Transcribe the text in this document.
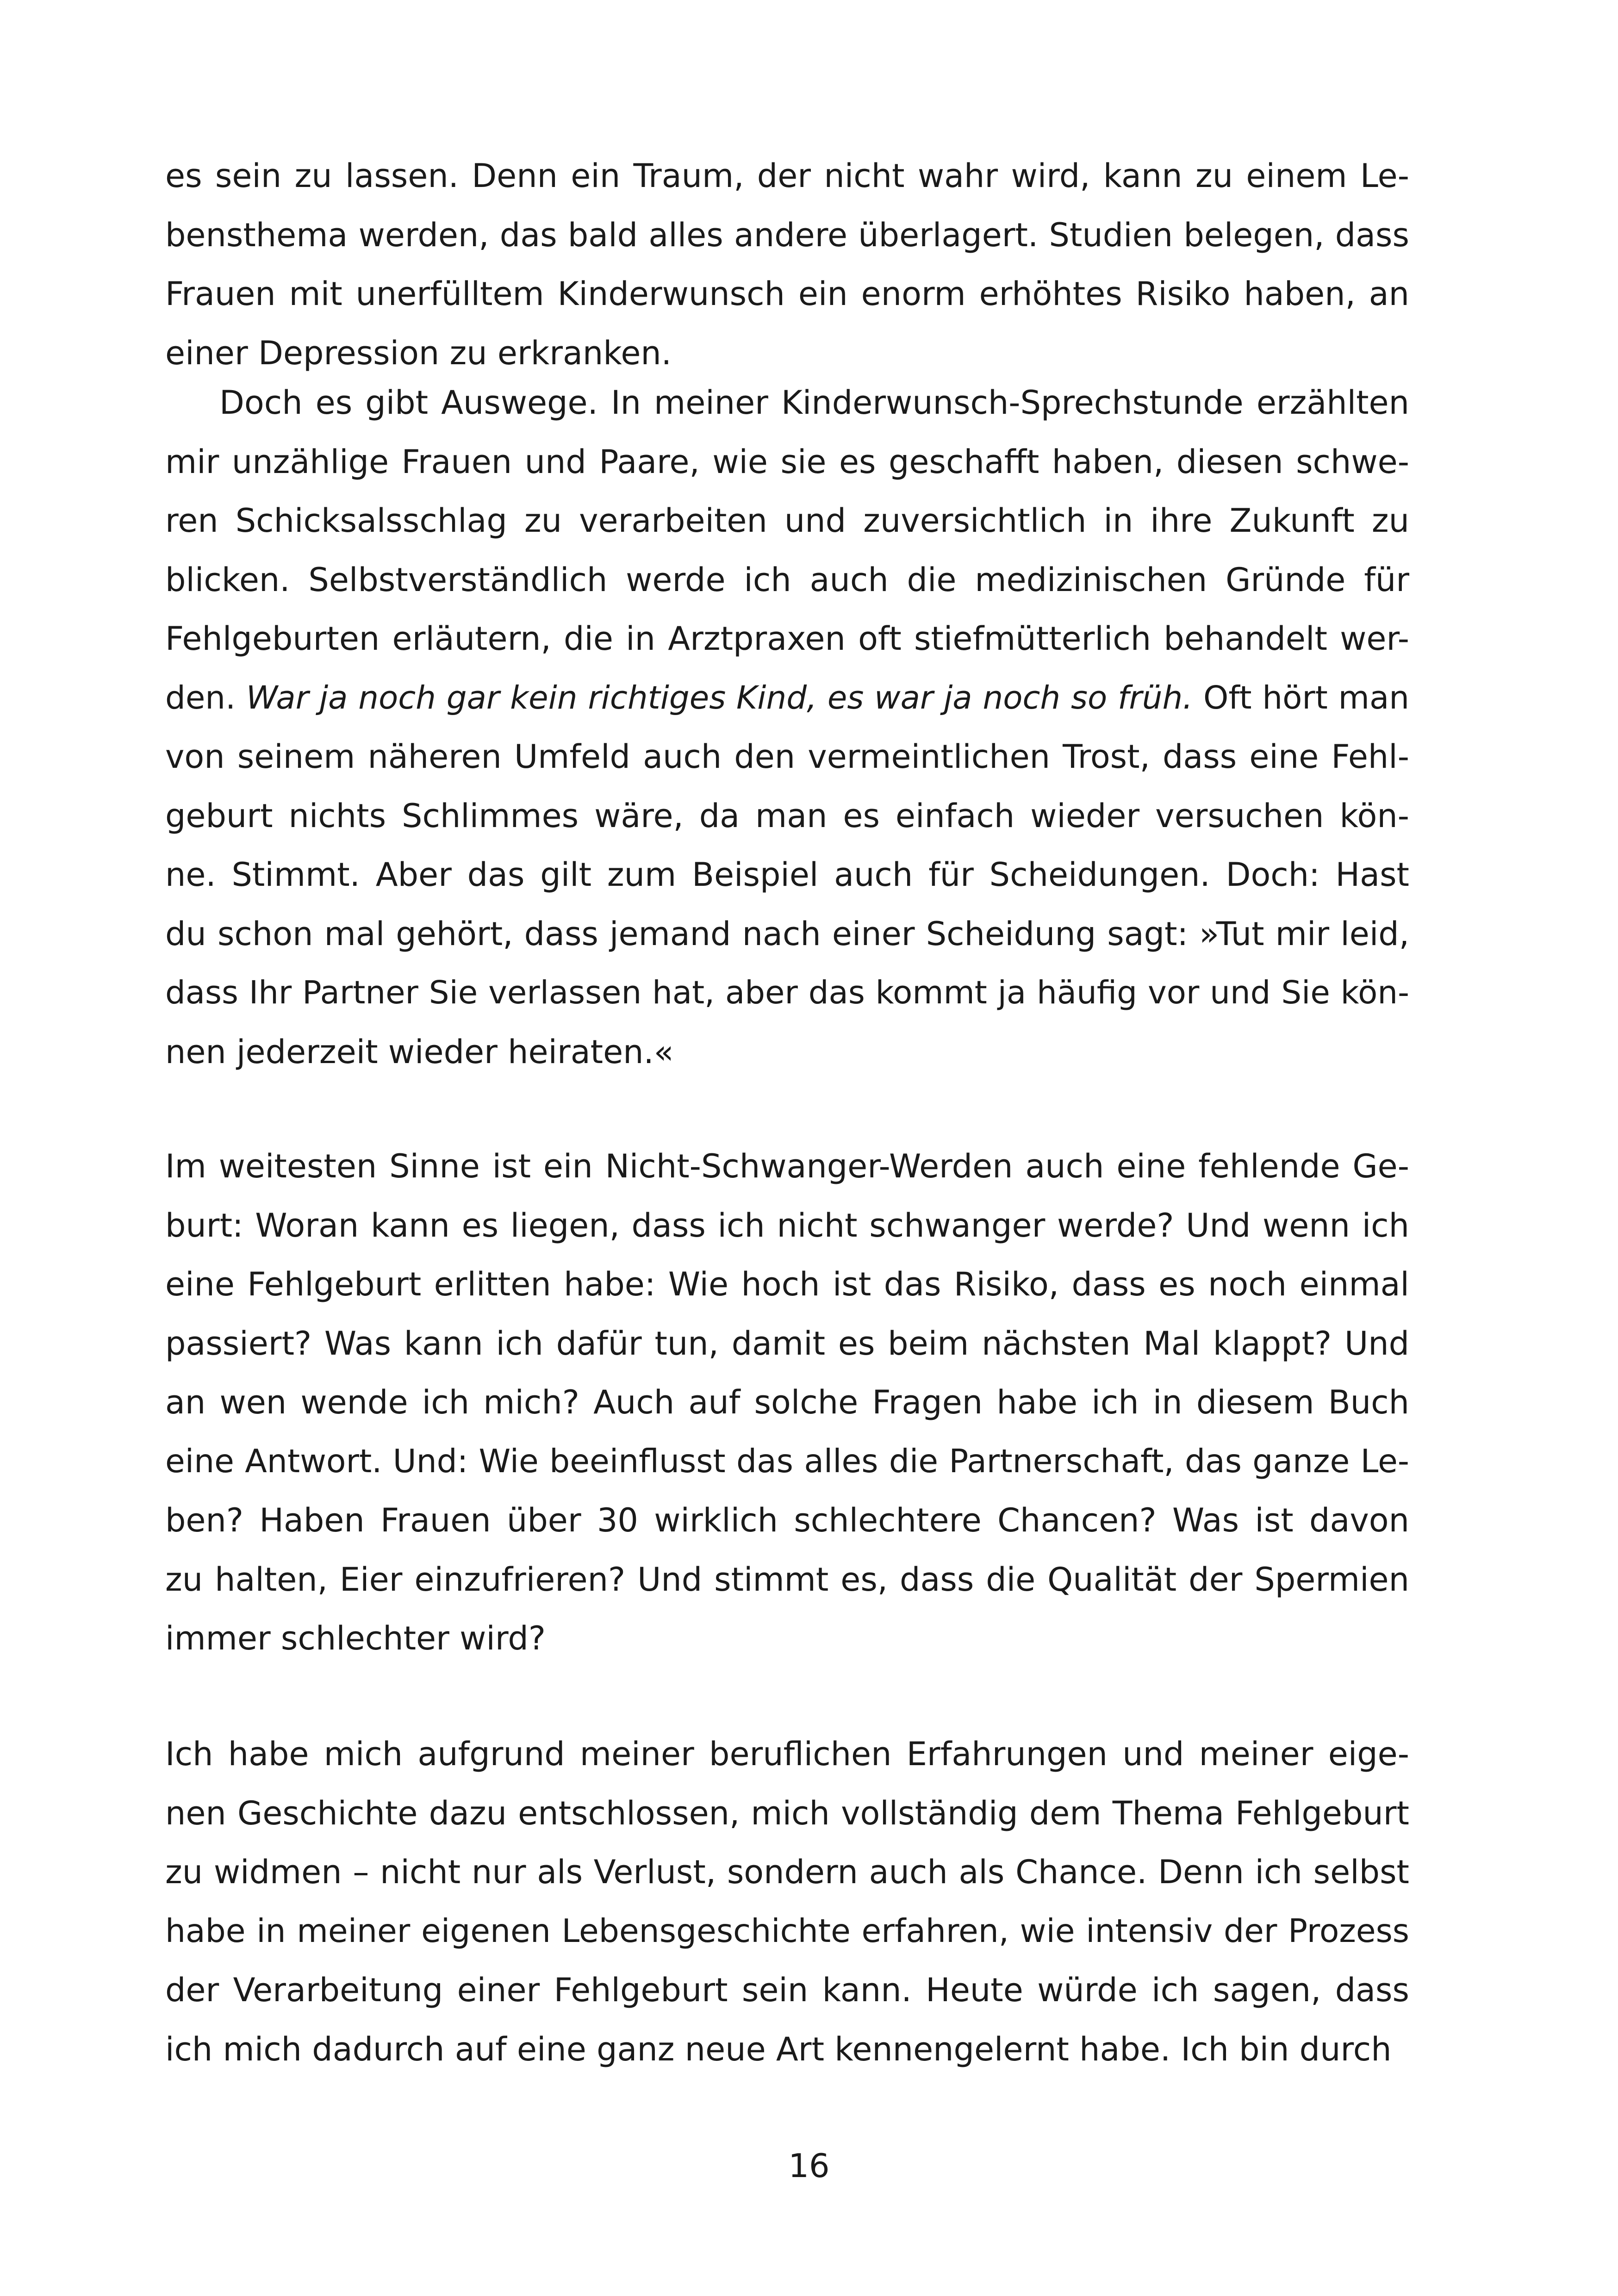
es sein zu lassen. Denn ein Traum, der nicht wahr wird, kann zu einem Le-
bensthema werden, das bald alles andere überlagert. Studien belegen, dass
Frauen mit unerfülltem Kinderwunsch ein enorm erhöhtes Risiko haben, an
einer Depression zu erkranken.
Doch es gibt Auswege. In meiner Kinderwunsch-Sprechstunde erzählten
mir unzählige Frauen und Paare, wie sie es geschafft haben, diesen schwe-
ren Schicksalsschlag zu verarbeiten und zuversichtlich in ihre Zukunft zu
blicken. Selbstverständlich werde ich auch die medizinischen Gründe für
Fehlgeburten erläutern, die in Arztpraxen oft stiefmütterlich behandelt wer-
den. War ja noch gar kein richtiges Kind, es war ja noch so früh. Oft hört man
von seinem näheren Umfeld auch den vermeintlichen Trost, dass eine Fehl-
geburt nichts Schlimmes wäre, da man es einfach wieder versuchen kön-
ne. Stimmt. Aber das gilt zum Beispiel auch für Scheidungen. Doch: Hast
du schon mal gehört, dass jemand nach einer Scheidung sagt: »Tut mir leid,
dass Ihr Partner Sie verlassen hat, aber das kommt ja häufig vor und Sie kön-
nen jederzeit wieder heiraten.«
Im weitesten Sinne ist ein Nicht-Schwanger-Werden auch eine fehlende Ge-
burt: Woran kann es liegen, dass ich nicht schwanger werde? Und wenn ich
eine Fehlgeburt erlitten habe: Wie hoch ist das Risiko, dass es noch einmal
passiert? Was kann ich dafür tun, damit es beim nächsten Mal klappt? Und
an wen wende ich mich? Auch auf solche Fragen habe ich in diesem Buch
eine Antwort. Und: Wie beeinflusst das alles die Partnerschaft, das ganze Le-
ben? Haben Frauen über 30 wirklich schlechtere Chancen? Was ist davon
zu halten, Eier einzufrieren? Und stimmt es, dass die Qualität der Spermien
immer schlechter wird?
Ich habe mich aufgrund meiner beruflichen Erfahrungen und meiner eige-
nen Geschichte dazu entschlossen, mich vollständig dem Thema Fehlgeburt
zu widmen – nicht nur als Verlust, sondern auch als Chance. Denn ich selbst
habe in meiner eigenen Lebensgeschichte erfahren, wie intensiv der Prozess
der Verarbeitung einer Fehlgeburt sein kann. Heute würde ich sagen, dass
ich mich dadurch auf eine ganz neue Art kennengelernt habe. Ich bin durch
16
